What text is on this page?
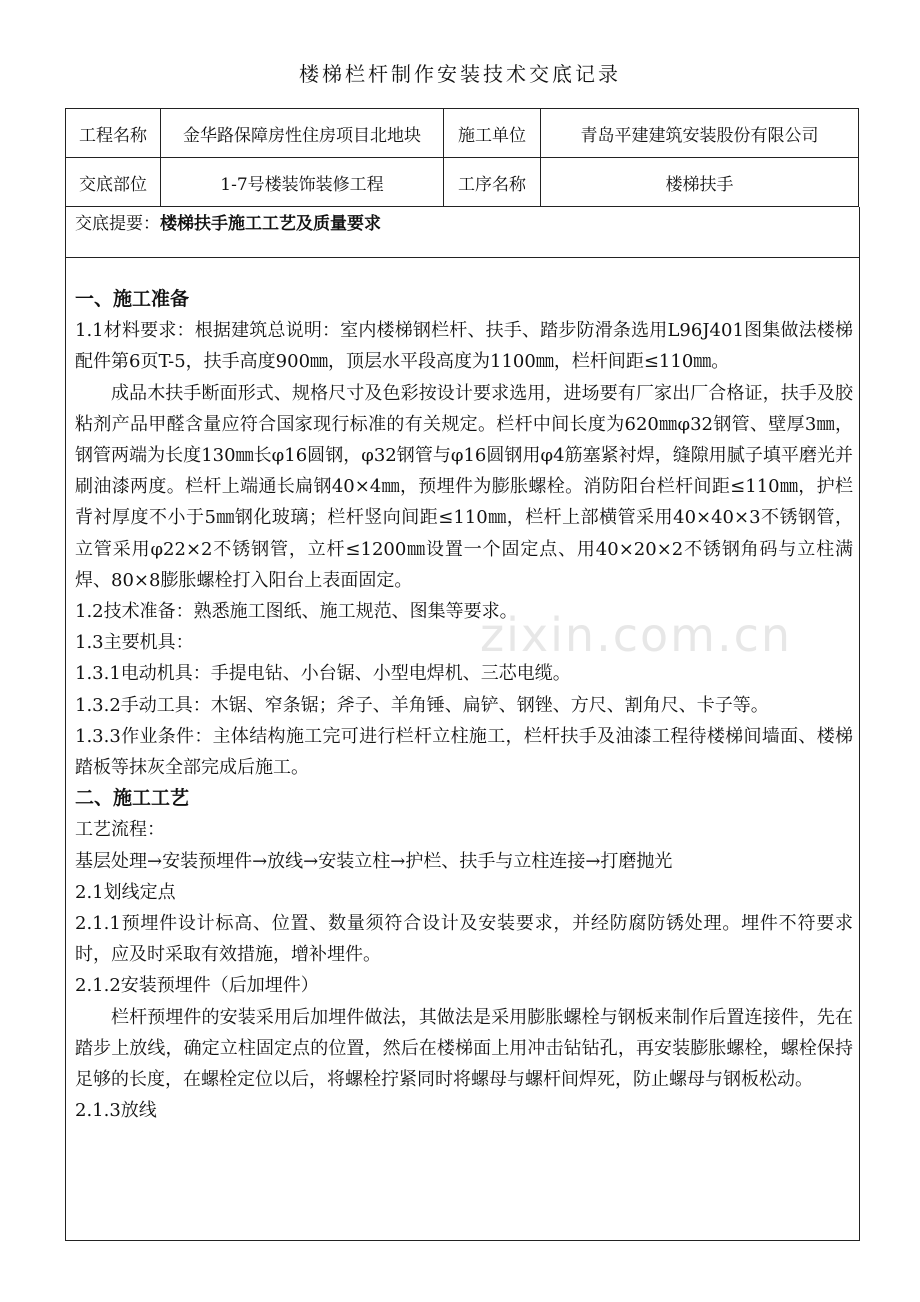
楼梯栏杆制作安装技术交底记录
工程名称	金华路保障房性住房项目北地块	施工单位	青岛平建建筑安装股份有限公司
交底部位	1-7号楼装饰装修工程	工序名称	楼梯扶手
交底提要：楼梯扶手施工工艺及质量要求

一、施工准备

1.1材料要求：根据建筑总说明：室内楼梯钢栏杆、扶手、踏步防滑条选用L96J401图集做法楼梯配件第6页T-5，扶手高度900㎜，顶层水平段高度为1100㎜，栏杆间距≤110㎜。

成品木扶手断面形式、规格尺寸及色彩按设计要求选用，进场要有厂家出厂合格证，扶手及胶粘剂产品甲醛含量应符合国家现行标准的有关规定。栏杆中间长度为620㎜φ32钢管、壁厚3㎜，钢管两端为长度130㎜长φ16圆钢，φ32钢管与φ16圆钢用φ4筋塞紧衬焊，缝隙用腻子填平磨光并刷油漆两度。栏杆上端通长扁钢40×4㎜，预埋件为膨胀螺栓。消防阳台栏杆间距≤110㎜，护栏背衬厚度不小于5㎜钢化玻璃；栏杆竖向间距≤110㎜，栏杆上部横管采用40×40×3不锈钢管，立管采用φ22×2不锈钢管，立杆≤1200㎜设置一个固定点、用40×20×2不锈钢角码与立柱满焊、80×8膨胀螺栓打入阳台上表面固定。

1.2技术准备：熟悉施工图纸、施工规范、图集等要求。

1.3主要机具：

1.3.1电动机具：手提电钻、小台锯、小型电焊机、三芯电缆。

1.3.2手动工具：木锯、窄条锯；斧子、羊角锤、扁铲、钢锉、方尺、割角尺、卡子等。

1.3.3作业条件：主体结构施工完可进行栏杆立柱施工，栏杆扶手及油漆工程待楼梯间墙面、楼梯踏板等抹灰全部完成后施工。

二、施工工艺

工艺流程：

基层处理→安装预埋件→放线→安装立柱→护栏、扶手与立柱连接→打磨抛光

2.1划线定点

2.1.1预埋件设计标高、位置、数量须符合设计及安装要求，并经防腐防锈处理。埋件不符要求时，应及时采取有效措施，增补埋件。

2.1.2安装预埋件（后加埋件）

栏杆预埋件的安装采用后加埋件做法，其做法是采用膨胀螺栓与钢板来制作后置连接件，先在踏步上放线，确定立柱固定点的位置，然后在楼梯面上用冲击钻钻孔，再安装膨胀螺栓，螺栓保持足够的长度，在螺栓定位以后，将螺栓拧紧同时将螺母与螺杆间焊死，防止螺母与钢板松动。

2.1.3放线

zixin.com.cn
